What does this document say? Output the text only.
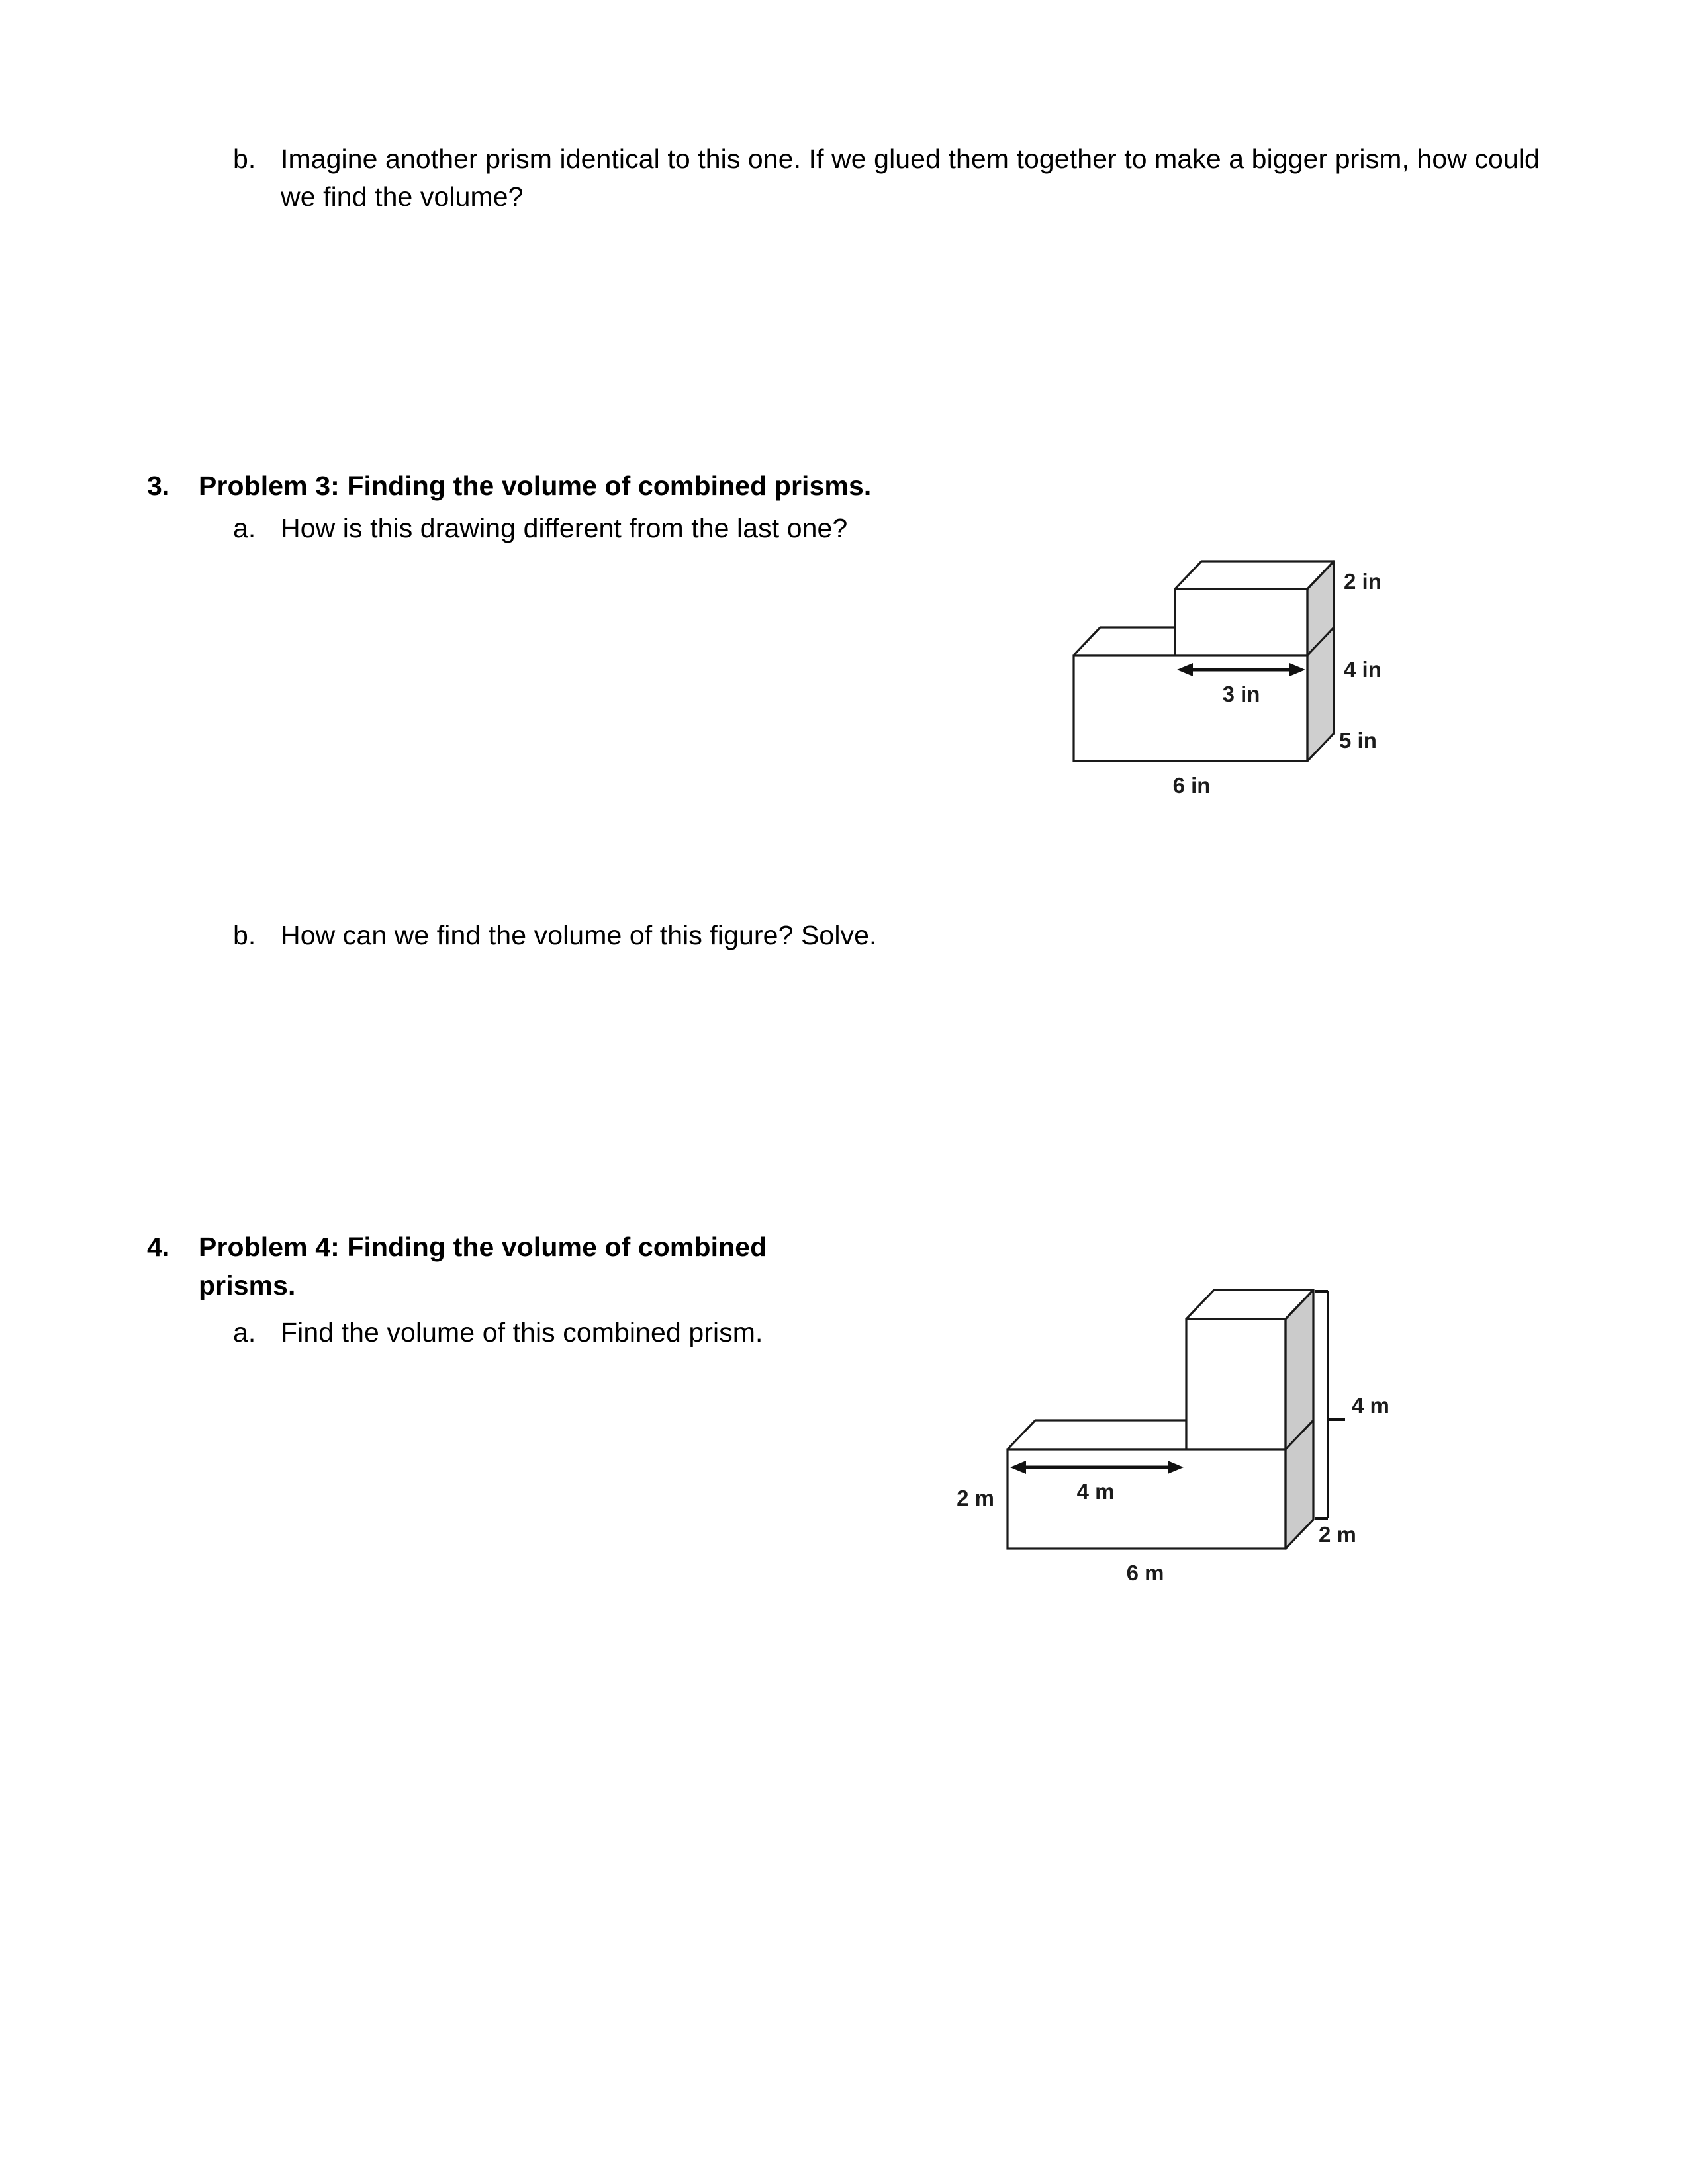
b. Imagine another prism identical to this one. If we glued them together to make a bigger prism, how could we find the volume?
3.	Problem 3: Finding the volume of combined prisms.
a. How is this drawing different from the last one?
3 in
2 in
4 in
5 in
6 in
b. How can we find the volume of this figure? Solve.
4.	Problem 4: Finding the volume of combined prisms.
a. Find the volume of this combined prism.
4 m
4 m
2 m
2 m
6 m
